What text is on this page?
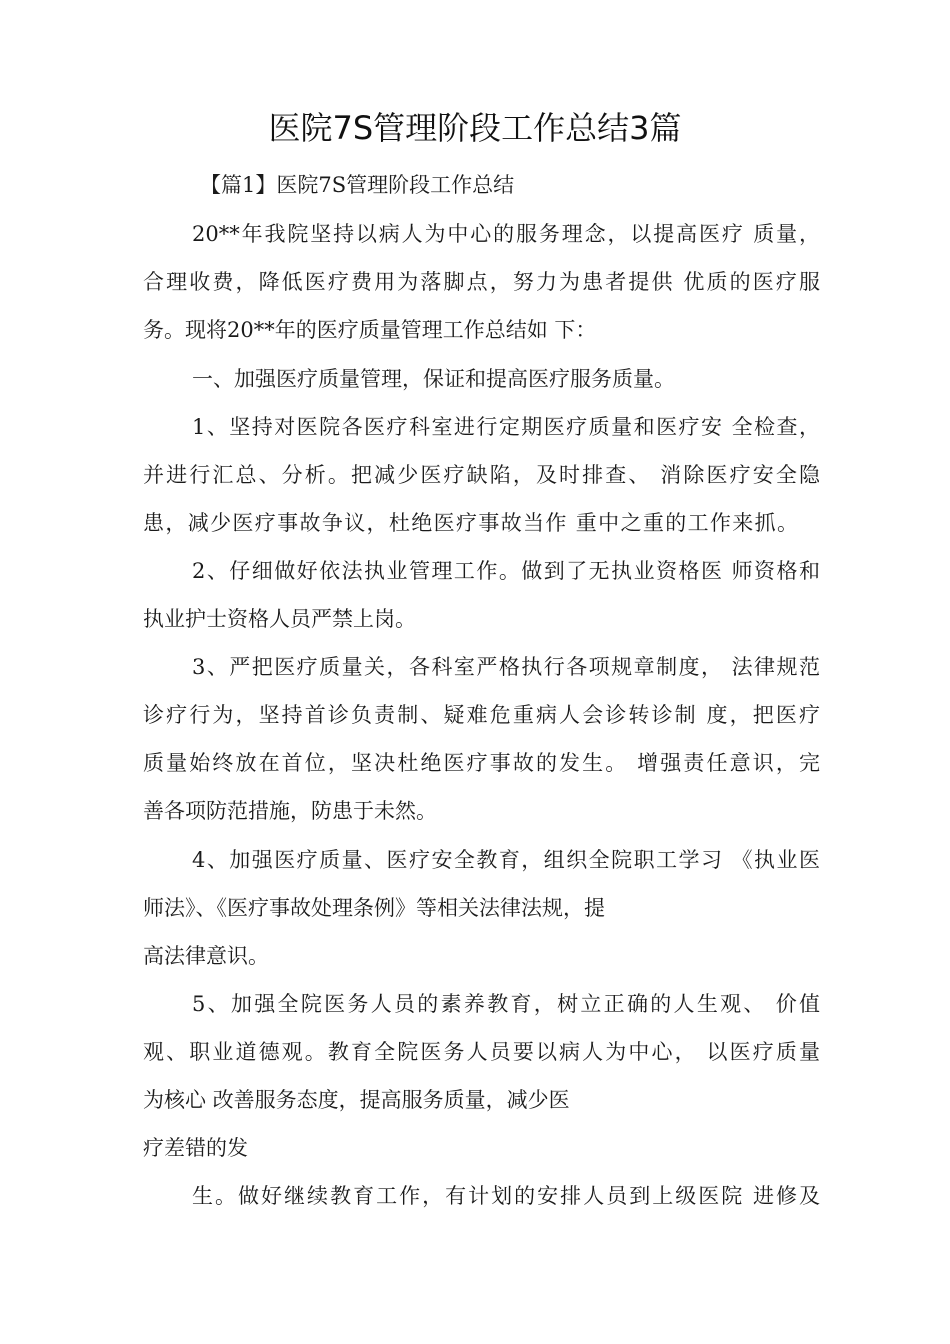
医院7S管理阶段工作总结3篇
【篇1】医院7S管理阶段工作总结
20**年我院坚持以病人为中心的服务理念，以提高医疗 质量，
合理收费，降低医疗费用为落脚点，努力为患者提供 优质的医疗服
务。现将20**年的医疗质量管理工作总结如 下：
一、加强医疗质量管理，保证和提高医疗服务质量。
1、坚持对医院各医疗科室进行定期医疗质量和医疗安 全检查，
并进行汇总、分析。把减少医疗缺陷，及时排查、 消除医疗安全隐
患，减少医疗事故争议，杜绝医疗事故当作 重中之重的工作来抓。
2、仔细做好依法执业管理工作。做到了无执业资格医 师资格和
执业护士资格人员严禁上岗。
3、严把医疗质量关，各科室严格执行各项规章制度， 法律规范
诊疗行为，坚持首诊负责制、疑难危重病人会诊转诊制 度，把医疗
质量始终放在首位，坚决杜绝医疗事故的发生。 增强责任意识，完
善各项防范措施，防患于未然。
4、加强医疗质量、医疗安全教育，组织全院职工学习 《执业医
师法》、《医疗事故处理条例》等相关法律法规，提
高法律意识。
5、加强全院医务人员的素养教育，树立正确的人生观、 价值
观、职业道德观。教育全院医务人员要以病人为中心， 以医疗质量
为核心 改善服务态度，提高服务质量，减少医
疗差错的发
生。做好继续教育工作，有计划的安排人员到上级医院 进修及
